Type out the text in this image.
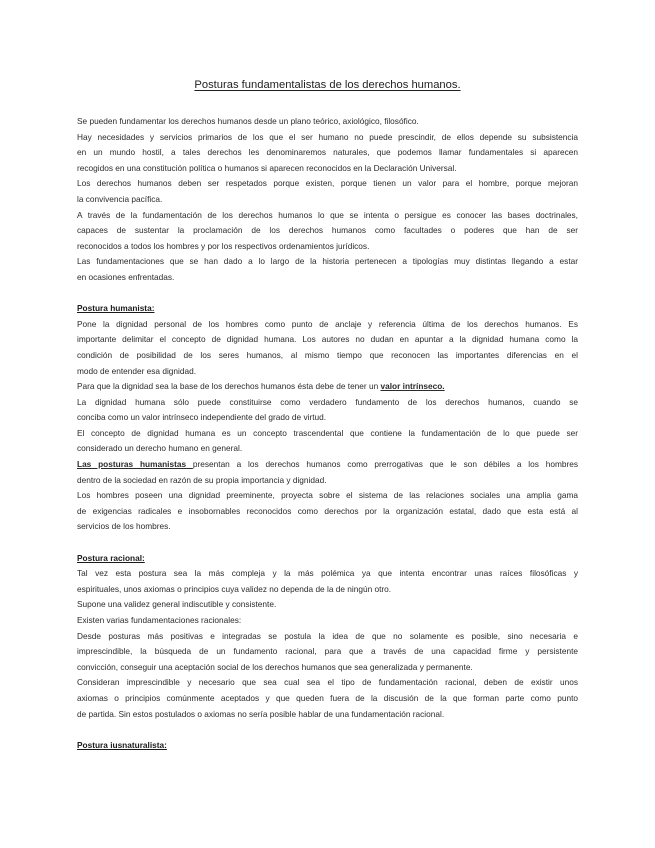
Posturas fundamentalistas de los derechos humanos.
Se pueden fundamentar los derechos humanos desde un plano teórico, axiológico, filosófico.
Hay necesidades y servicios primarios de los que el ser humano no puede prescindir, de ellos depende su subsistencia
en un mundo hostil, a tales derechos les denominaremos naturales, que podemos llamar fundamentales si aparecen
recogidos en una constitución política o humanos si aparecen reconocidos en la Declaración Universal.
Los derechos humanos deben ser respetados porque existen, porque tienen un valor para el hombre, porque mejoran
la convivencia pacífica.
A través de la fundamentación de los derechos humanos lo que se intenta o persigue es conocer las bases doctrinales,
capaces de sustentar la proclamación de los derechos humanos como facultades o poderes que han de ser
reconocidos a todos los hombres y por los respectivos ordenamientos jurídicos.
Las fundamentaciones que se han dado a lo largo de la historia pertenecen a tipologías muy distintas llegando a estar
en ocasiones enfrentadas.
Postura humanista:
Pone la dignidad personal de los hombres como punto de anclaje y referencia última de los derechos humanos. Es
importante delimitar el concepto de dignidad humana. Los autores no dudan en apuntar a la dignidad humana como la
condición de posibilidad de los seres humanos, al mismo tiempo que reconocen las importantes diferencias en el
modo de entender esa dignidad.
Para que la dignidad sea la base de los derechos humanos ésta debe de tener un valor intrínseco.
La dignidad humana sólo puede constituirse como verdadero fundamento de los derechos humanos, cuando se
conciba como un valor intrínseco independiente del grado de virtud.
El concepto de dignidad humana es un concepto trascendental que contiene la fundamentación de lo que puede ser
considerado un derecho humano en general.
Las posturas humanistas presentan a los derechos humanos como prerrogativas que le son débiles a los hombres
dentro de la sociedad en razón de su propia importancia y dignidad.
Los hombres poseen una dignidad preeminente, proyecta sobre el sistema de las relaciones sociales una amplia gama
de exigencias radicales e insobornables reconocidos como derechos por la organización estatal, dado que esta está al
servicios de los hombres.
Postura racional:
Tal vez esta postura sea la más compleja y la más polémica ya que intenta encontrar unas raíces filosóficas y
espirituales, unos axiomas o principios cuya validez no dependa de la de ningún otro.
Supone una validez general indiscutible y consistente.
Existen varias fundamentaciones racionales:
Desde posturas más positivas e integradas se postula la idea de que no solamente es posible, sino necesaria e
imprescindible, la búsqueda de un fundamento racional, para que a través de una capacidad firme y persistente
convicción, conseguir una aceptación social de los derechos humanos que sea generalizada y permanente.
Consideran imprescindible y necesario que sea cual sea el tipo de fundamentación racional, deben de existir unos
axiomas o principios comúnmente aceptados y que queden fuera de la discusión de la que forman parte como punto
de partida. Sin estos postulados o axiomas no sería posible hablar de una fundamentación racional.
Postura iusnaturalista:
